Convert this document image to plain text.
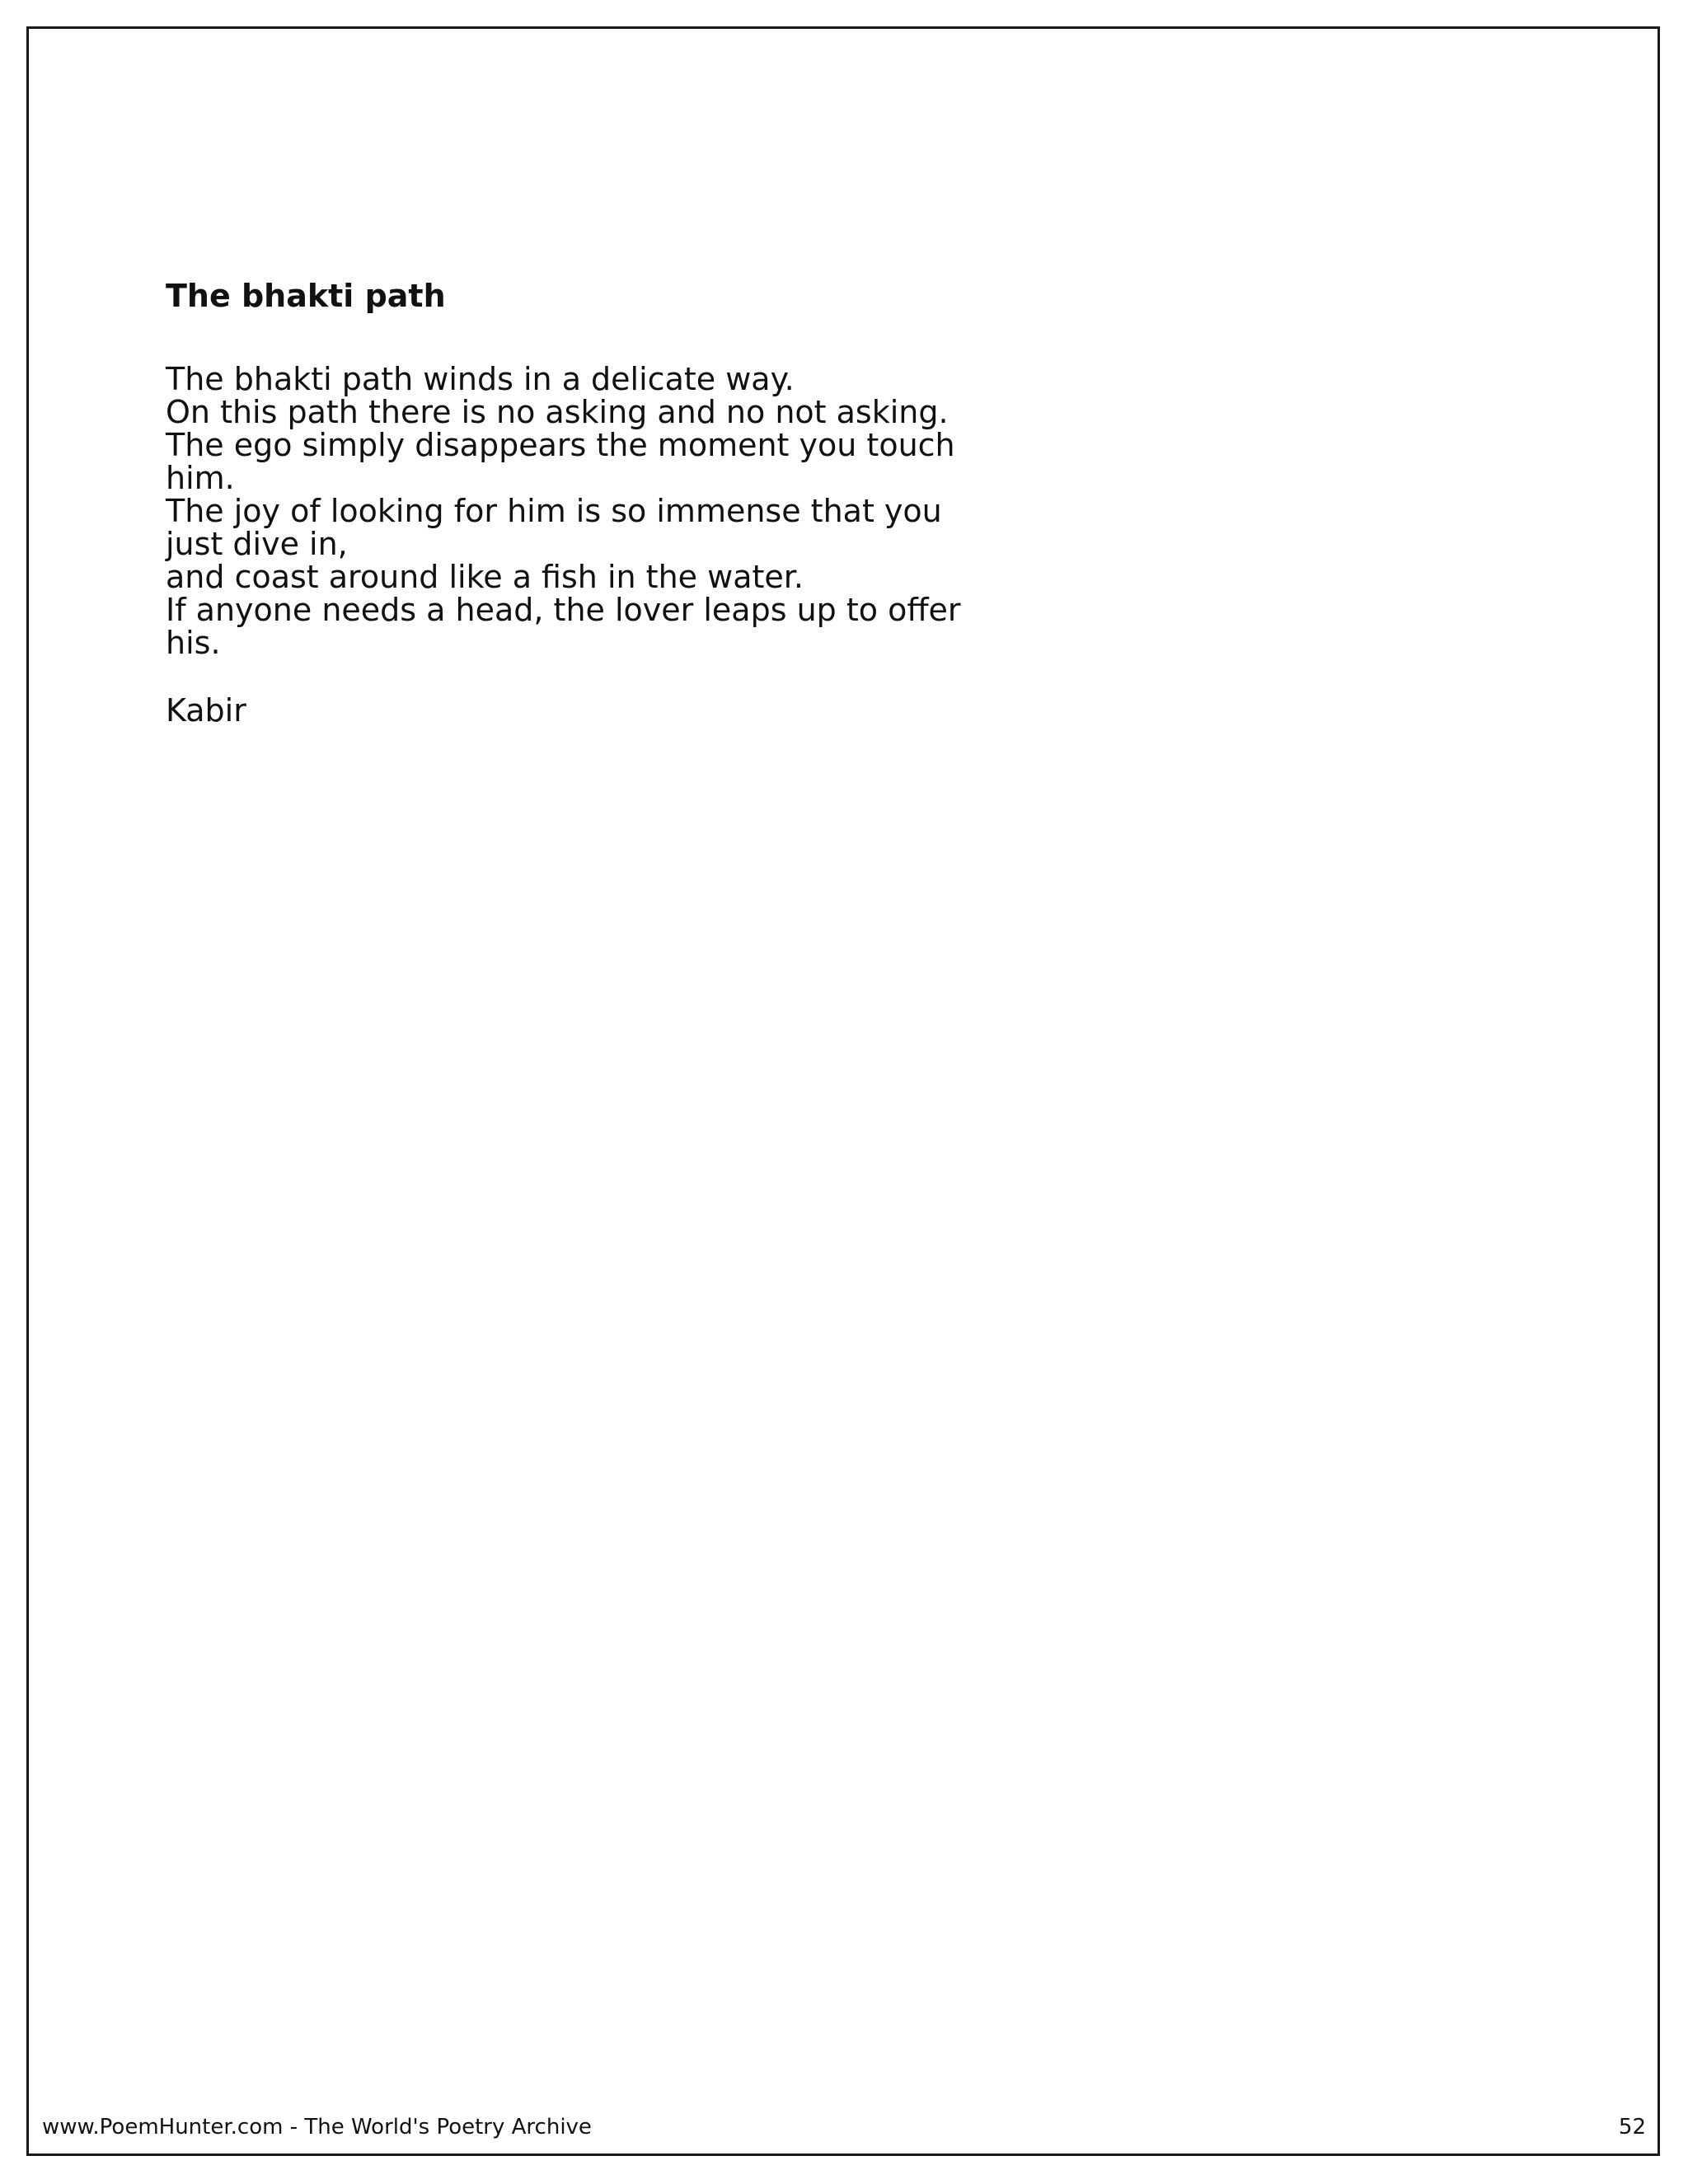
The bhakti path
The bhakti path winds in a delicate way.
On this path there is no asking and no not asking.
The ego simply disappears the moment you touch
him.
The joy of looking for him is so immense that you
just dive in,
and coast around like a fish in the water.
If anyone needs a head, the lover leaps up to offer
his.
Kabir
www.PoemHunter.com - The World's Poetry Archive	52
